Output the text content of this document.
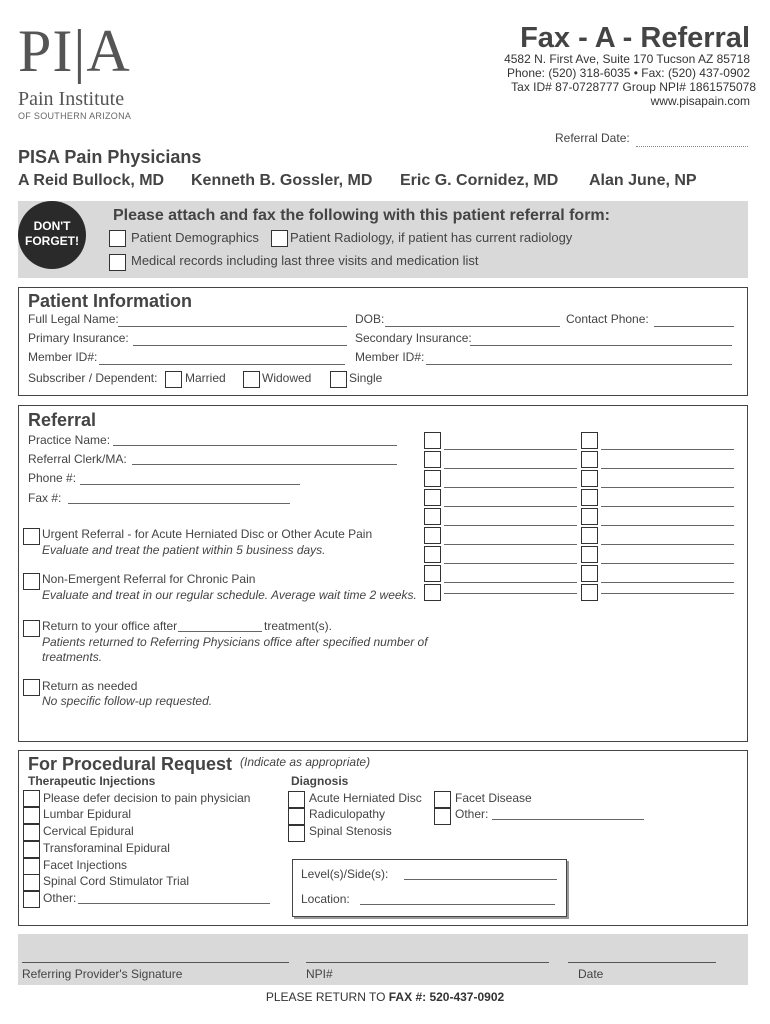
PI|A
Pain Institute
OF SOUTHERN ARIZONA
Fax - A - Referral
4582 N. First Ave, Suite 170 Tucson AZ 85718
Phone: (520) 318-6035 • Fax: (520) 437-0902
Tax ID# 87-0728777 Group NPI# 1861575078
www.pisapain.com
Referral Date:
PISA Pain Physicians
A Reid Bullock, MD Kenneth B. Gossler, MD Eric G. Cornidez, MD Alan June, NP
DON'T
FORGET!
Please attach and fax the following with this patient referral form:
Patient Demographics Patient Radiology, if patient has current radiology
Medical records including last three visits and medication list
Patient Information
Full Legal Name:	DOB:	Contact Phone:
Primary Insurance:	Secondary Insurance:
Member ID#:	Member ID#:
Subscriber / Dependent: Married	Widowed	Single
Referral
Practice Name:
Referral Clerk/MA:
Phone #:
Fax #:
Urgent Referral - for Acute Herniated Disc or Other Acute Pain
Evaluate and treat the patient within 5 business days.
Non-Emergent Referral for Chronic Pain
Evaluate and treat in our regular schedule. Average wait time 2 weeks.
Return to your office after	treatment(s).
Patients returned to Referring Physicians office after specified number of
treatments.
Return as needed
No specific follow-up requested.
For Procedural Request (Indicate as appropriate)
Therapeutic Injections
Please defer decision to pain physician
Lumbar Epidural
Cervical Epidural
Transforaminal Epidural
Facet Injections
Spinal Cord Stimulator Trial
Other:
Diagnosis
Acute Herniated Disc
Radiculopathy
Spinal Stenosis
Facet Disease
Other:
Level(s)/Side(s):
Location:
Referring Provider's Signature	NPI#	Date
PLEASE RETURN TO FAX #: 520-437-0902
